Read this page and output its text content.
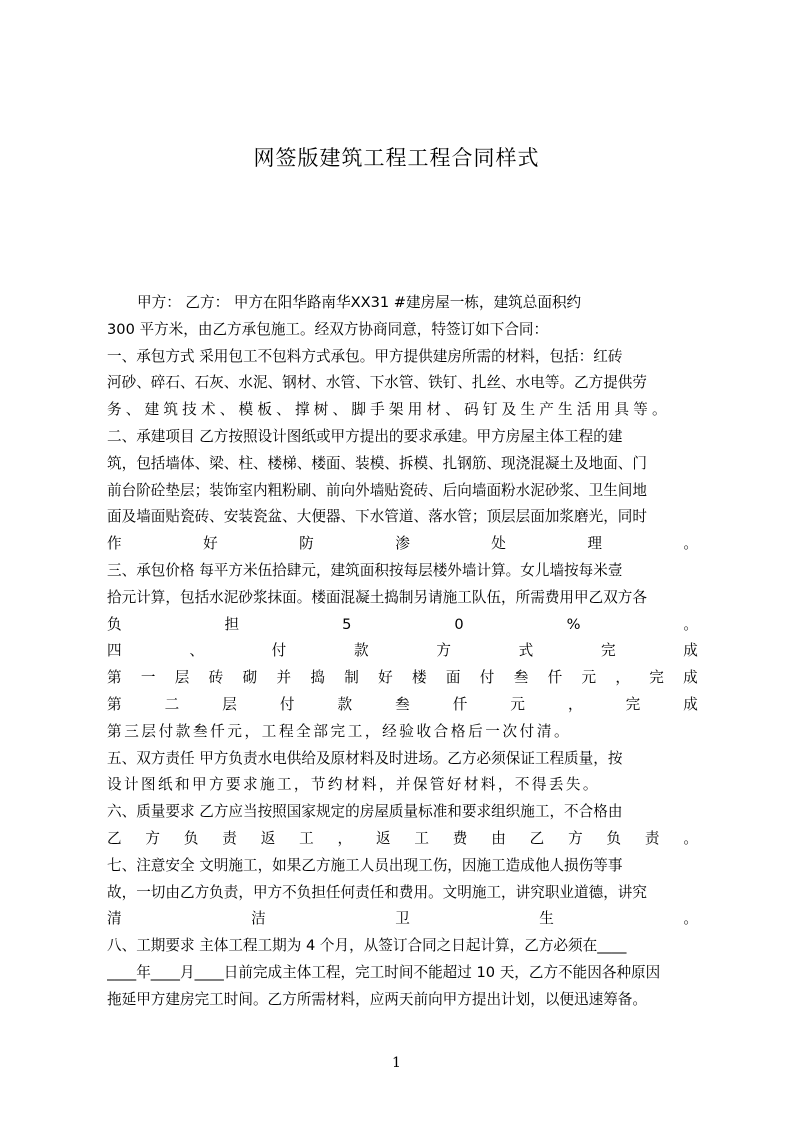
网签版建筑工程工程合同样式
甲方： 乙方： 甲方在阳华路南华XX31 #建房屋一栋，建筑总面积约
300 平方米，由乙方承包施工。经双方协商同意，特签订如下合同：
一、承包方式 采用包工不包料方式承包。甲方提供建房所需的材料，包括：红砖
河砂、碎石、石灰、水泥、钢材、水管、下水管、铁钉、扎丝、水电等。乙方提供劳
务、建筑技术、模板、撑树、脚手架用材、码钉及生产生活用具等。
二、承建项目 乙方按照设计图纸或甲方提出的要求承建。甲方房屋主体工程的建
筑，包括墙体、梁、柱、楼梯、楼面、装模、拆模、扎钢筋、现浇混凝土及地面、门
前台阶砼垫层；装饰室内粗粉刷、前向外墙贴瓷砖、后向墙面粉水泥砂浆、卫生间地
面及墙面贴瓷砖、安装瓷盆、大便器、下水管道、落水管；顶层层面加浆磨光，同时
作	好	防	渗	处	理	。
三、承包价格 每平方米伍拾肆元，建筑面积按每层楼外墙计算。女儿墙按每米壹
拾元计算，包括水泥砂浆抹面。楼面混凝土捣制另请施工队伍，所需费用甲乙双方各
负	担	5	0	%	。
四	、	付	款	方	式	完	成
第 一 层 砖 砌 并 捣 制 好 楼 面 付 叁 仟 元 ， 完 成
第	二	层	付	款	叁	仟	元	，	完	成
第三层付款叁仟元，工程全部完工，经验收合格后一次付清。
五、双方责任 甲方负责水电供给及原材料及时进场。乙方必须保证工程质量，按
设计图纸和甲方要求施工，节约材料，并保管好材料，不得丢失。
六、质量要求 乙方应当按照国家规定的房屋质量标准和要求组织施工，不合格由
乙 方 负 责 返 工 ， 返 工 费 由 乙 方 负 责 。
七、注意安全 文明施工，如果乙方施工人员出现工伤，因施工造成他人损伤等事
故，一切由乙方负责，甲方不负担任何责任和费用。文明施工，讲究职业道德，讲究
清	洁	卫	生	。
八、工期要求 主体工程工期为 4 个月，从签订合同之日起计算，乙方必须在____
____年____月____日前完成主体工程，完工时间不能超过 10 天，乙方不能因各种原因
拖延甲方建房完工时间。乙方所需材料，应两天前向甲方提出计划，以便迅速筹备。
1
